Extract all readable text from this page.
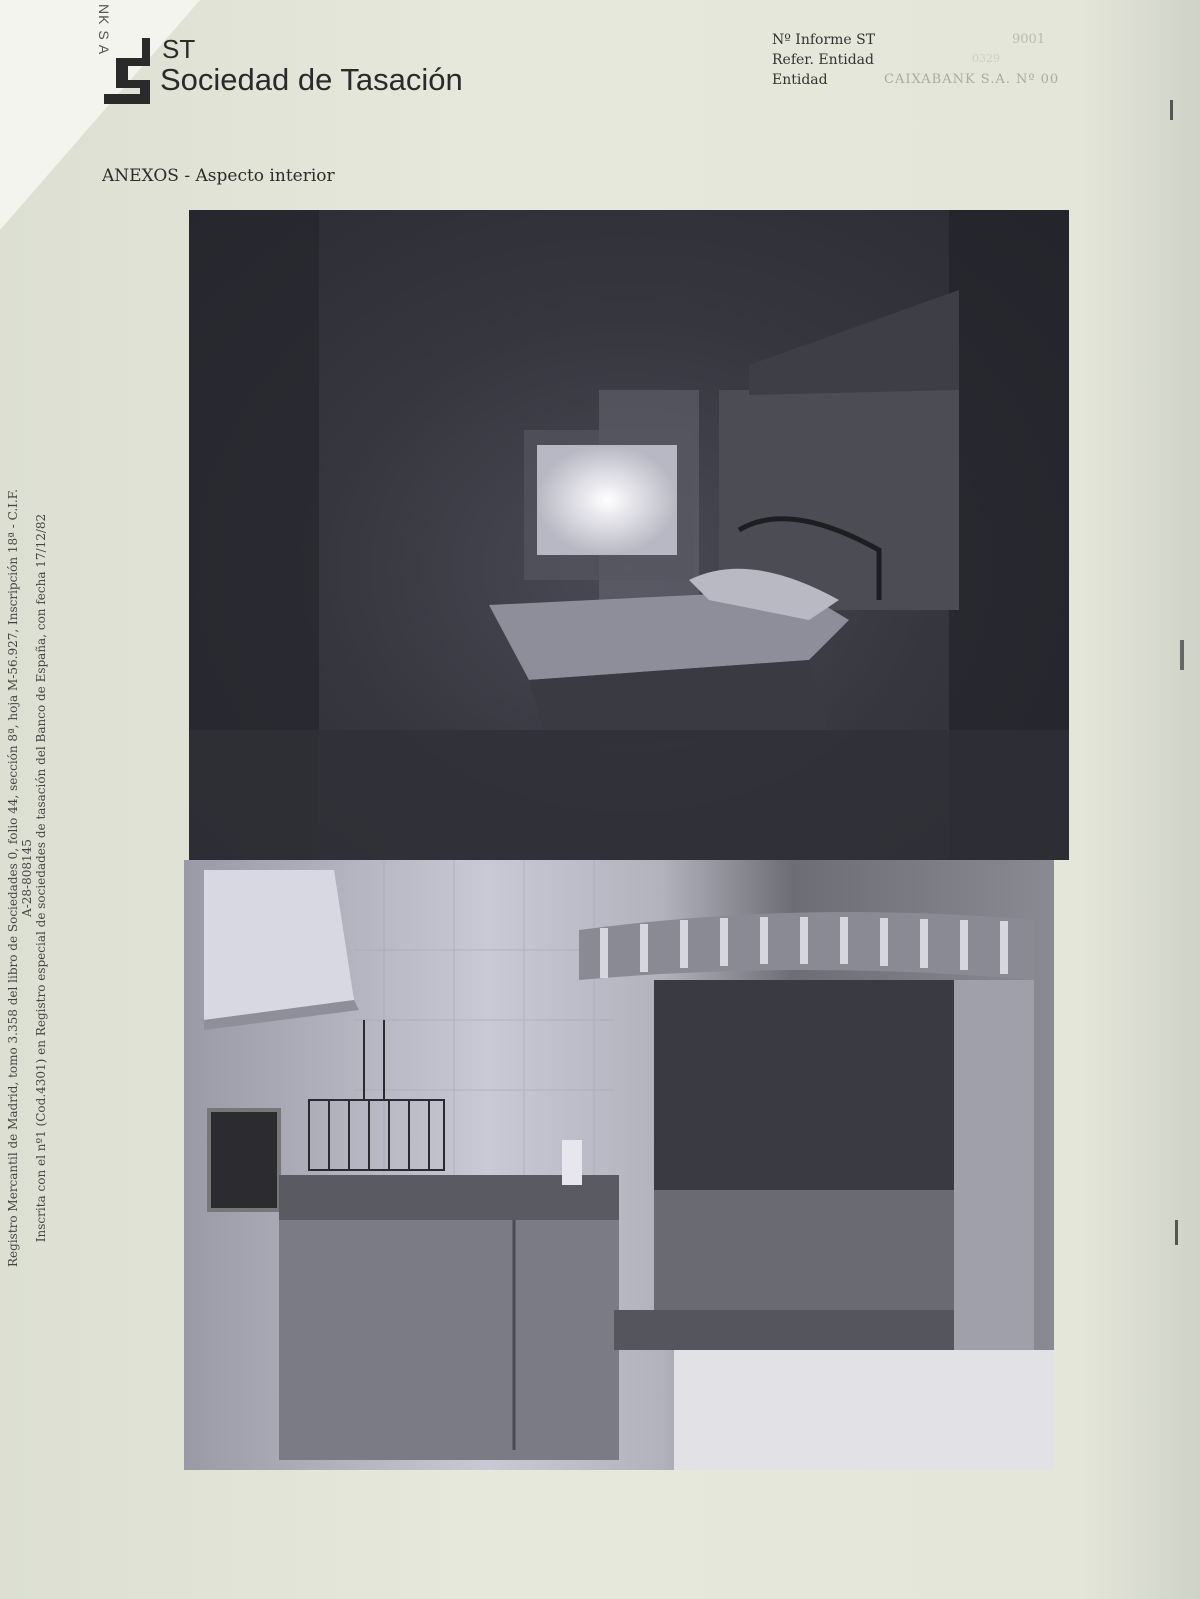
NK S A ST
Sociedad de Tasación
Nº Informe ST	9001
Refer. Entidad	0329
Entidad	CAIXABANK S.A. Nº 00
ANEXOS - Aspecto interior
Registro Mercantil de Madrid, tomo 3.358 del libro de Sociedades 0, folio 44, sección 8ª, hoja M-56.927, Inscripción 18ª - C.I.F. A-28-808145 Inscrita con el nº1 (Cod.4301) en Registro especial de sociedades de tasación del Banco de España, con fecha 17/12/82
